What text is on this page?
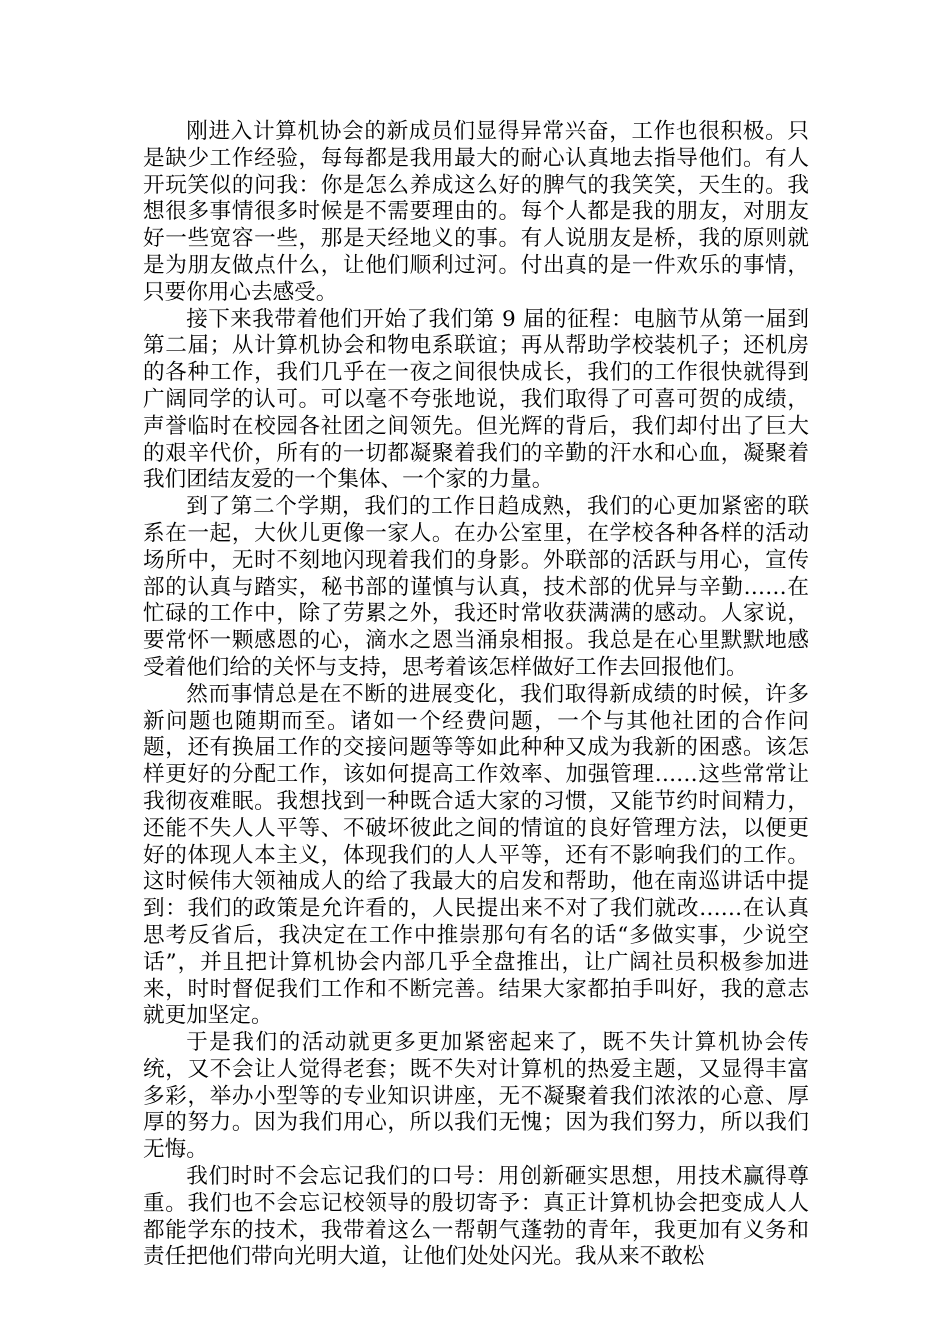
刚进入计算机协会的新成员们显得异常兴奋，工作也很积极。只是缺少工作经验，每每都是我用最大的耐心认真地去指导他们。有人开玩笑似的问我：你是怎么养成这么好的脾气的我笑笑，天生的。我想很多事情很多时候是不需要理由的。每个人都是我的朋友，对朋友好一些宽容一些，那是天经地义的事。有人说朋友是桥，我的原则就是为朋友做点什么，让他们顺利过河。付出真的是一件欢乐的事情，只要你用心去感受。

接下来我带着他们开始了我们第 9 届的征程：电脑节从第一届到第二届；从计算机协会和物电系联谊；再从帮助学校装机子；还机房的各种工作，我们几乎在一夜之间很快成长，我们的工作很快就得到广阔同学的认可。可以毫不夸张地说，我们取得了可喜可贺的成绩，声誉临时在校园各社团之间领先。但光辉的背后，我们却付出了巨大的艰辛代价，所有的一切都凝聚着我们的辛勤的汗水和心血，凝聚着我们团结友爱的一个集体、一个家的力量。

到了第二个学期，我们的工作日趋成熟，我们的心更加紧密的联系在一起，大伙儿更像一家人。在办公室里，在学校各种各样的活动场所中，无时不刻地闪现着我们的身影。外联部的活跃与用心，宣传部的认真与踏实，秘书部的谨慎与认真，技术部的优异与辛勤……在忙碌的工作中，除了劳累之外，我还时常收获满满的感动。人家说，要常怀一颗感恩的心，滴水之恩当涌泉相报。我总是在心里默默地感受着他们给的关怀与支持，思考着该怎样做好工作去回报他们。

然而事情总是在不断的进展变化，我们取得新成绩的时候，许多新问题也随期而至。诸如一个经费问题，一个与其他社团的合作问题，还有换届工作的交接问题等等如此种种又成为我新的困惑。该怎样更好的分配工作，该如何提高工作效率、加强管理……这些常常让我彻夜难眠。我想找到一种既合适大家的习惯，又能节约时间精力，还能不失人人平等、不破坏彼此之间的情谊的良好管理方法，以便更好的体现人本主义，体现我们的人人平等，还有不影响我们的工作。这时候伟大领袖成人的给了我最大的启发和帮助，他在南巡讲话中提到：我们的政策是允许看的，人民提出来不对了我们就改……在认真思考反省后，我决定在工作中推崇那句有名的话“多做实事，少说空话”，并且把计算机协会内部几乎全盘推出，让广阔社员积极参加进来，时时督促我们工作和不断完善。结果大家都拍手叫好，我的意志就更加坚定。

于是我们的活动就更多更加紧密起来了，既不失计算机协会传统，又不会让人觉得老套；既不失对计算机的热爱主题，又显得丰富多彩，举办小型等的专业知识讲座，无不凝聚着我们浓浓的心意、厚厚的努力。因为我们用心，所以我们无愧；因为我们努力，所以我们无悔。

我们时时不会忘记我们的口号：用创新砸实思想，用技术赢得尊重。我们也不会忘记校领导的殷切寄予：真正计算机协会把变成人人都能学东的技术，我带着这么一帮朝气蓬勃的青年，我更加有义务和责任把他们带向光明大道，让他们处处闪光。我从来不敢松
